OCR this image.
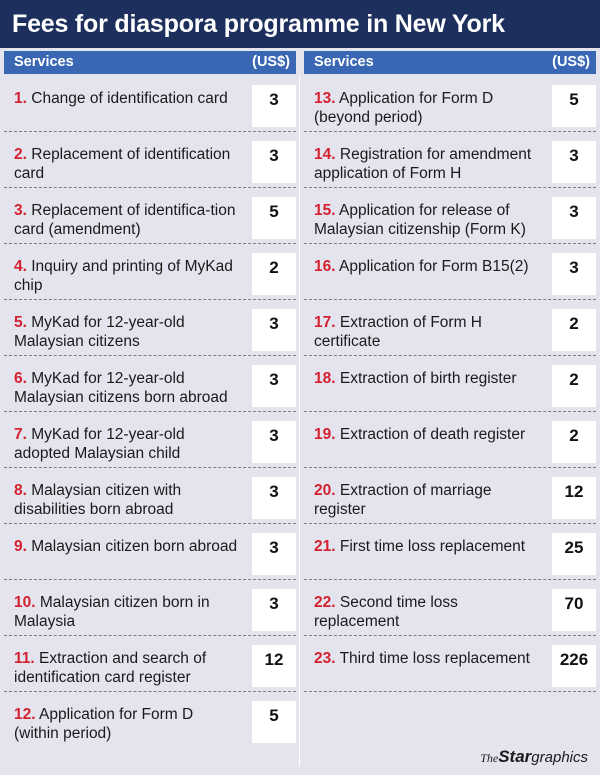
Fees for diaspora programme in New York
Services	(US$) Services	(US$)
1. Change of identification card	3
2. Replacement of identification card
3
3. Replacement of identifica-tion card (amendment)
5
4. Inquiry and printing of MyKad chip
2
5. MyKad for 12-year-old Malaysian citizens
3
6. MyKad for 12-year-old Malaysian citizens born abroad
3
7. MyKad for 12-year-old adopted Malaysian child
3
8. Malaysian citizen with disabilities born abroad
3
9. Malaysian citizen born abroad	3
10. Malaysian citizen born in Malaysia
3
11. Extraction and search of identification card register
12
12. Application for Form D (within period)
5
13. Application for Form D (beyond period)
5
14. Registration for amendment application of Form H
3
15. Application for release of Malaysian citizenship (Form K)
3
16. Application for Form B15(2)	3
17. Extraction of Form H certificate
2
18. Extraction of birth register	2
19. Extraction of death register	2
20. Extraction of marriage register
12
21. First time loss replacement	25
22. Second time loss replacement
70
23. Third time loss replacement	226
TheStargraphics
